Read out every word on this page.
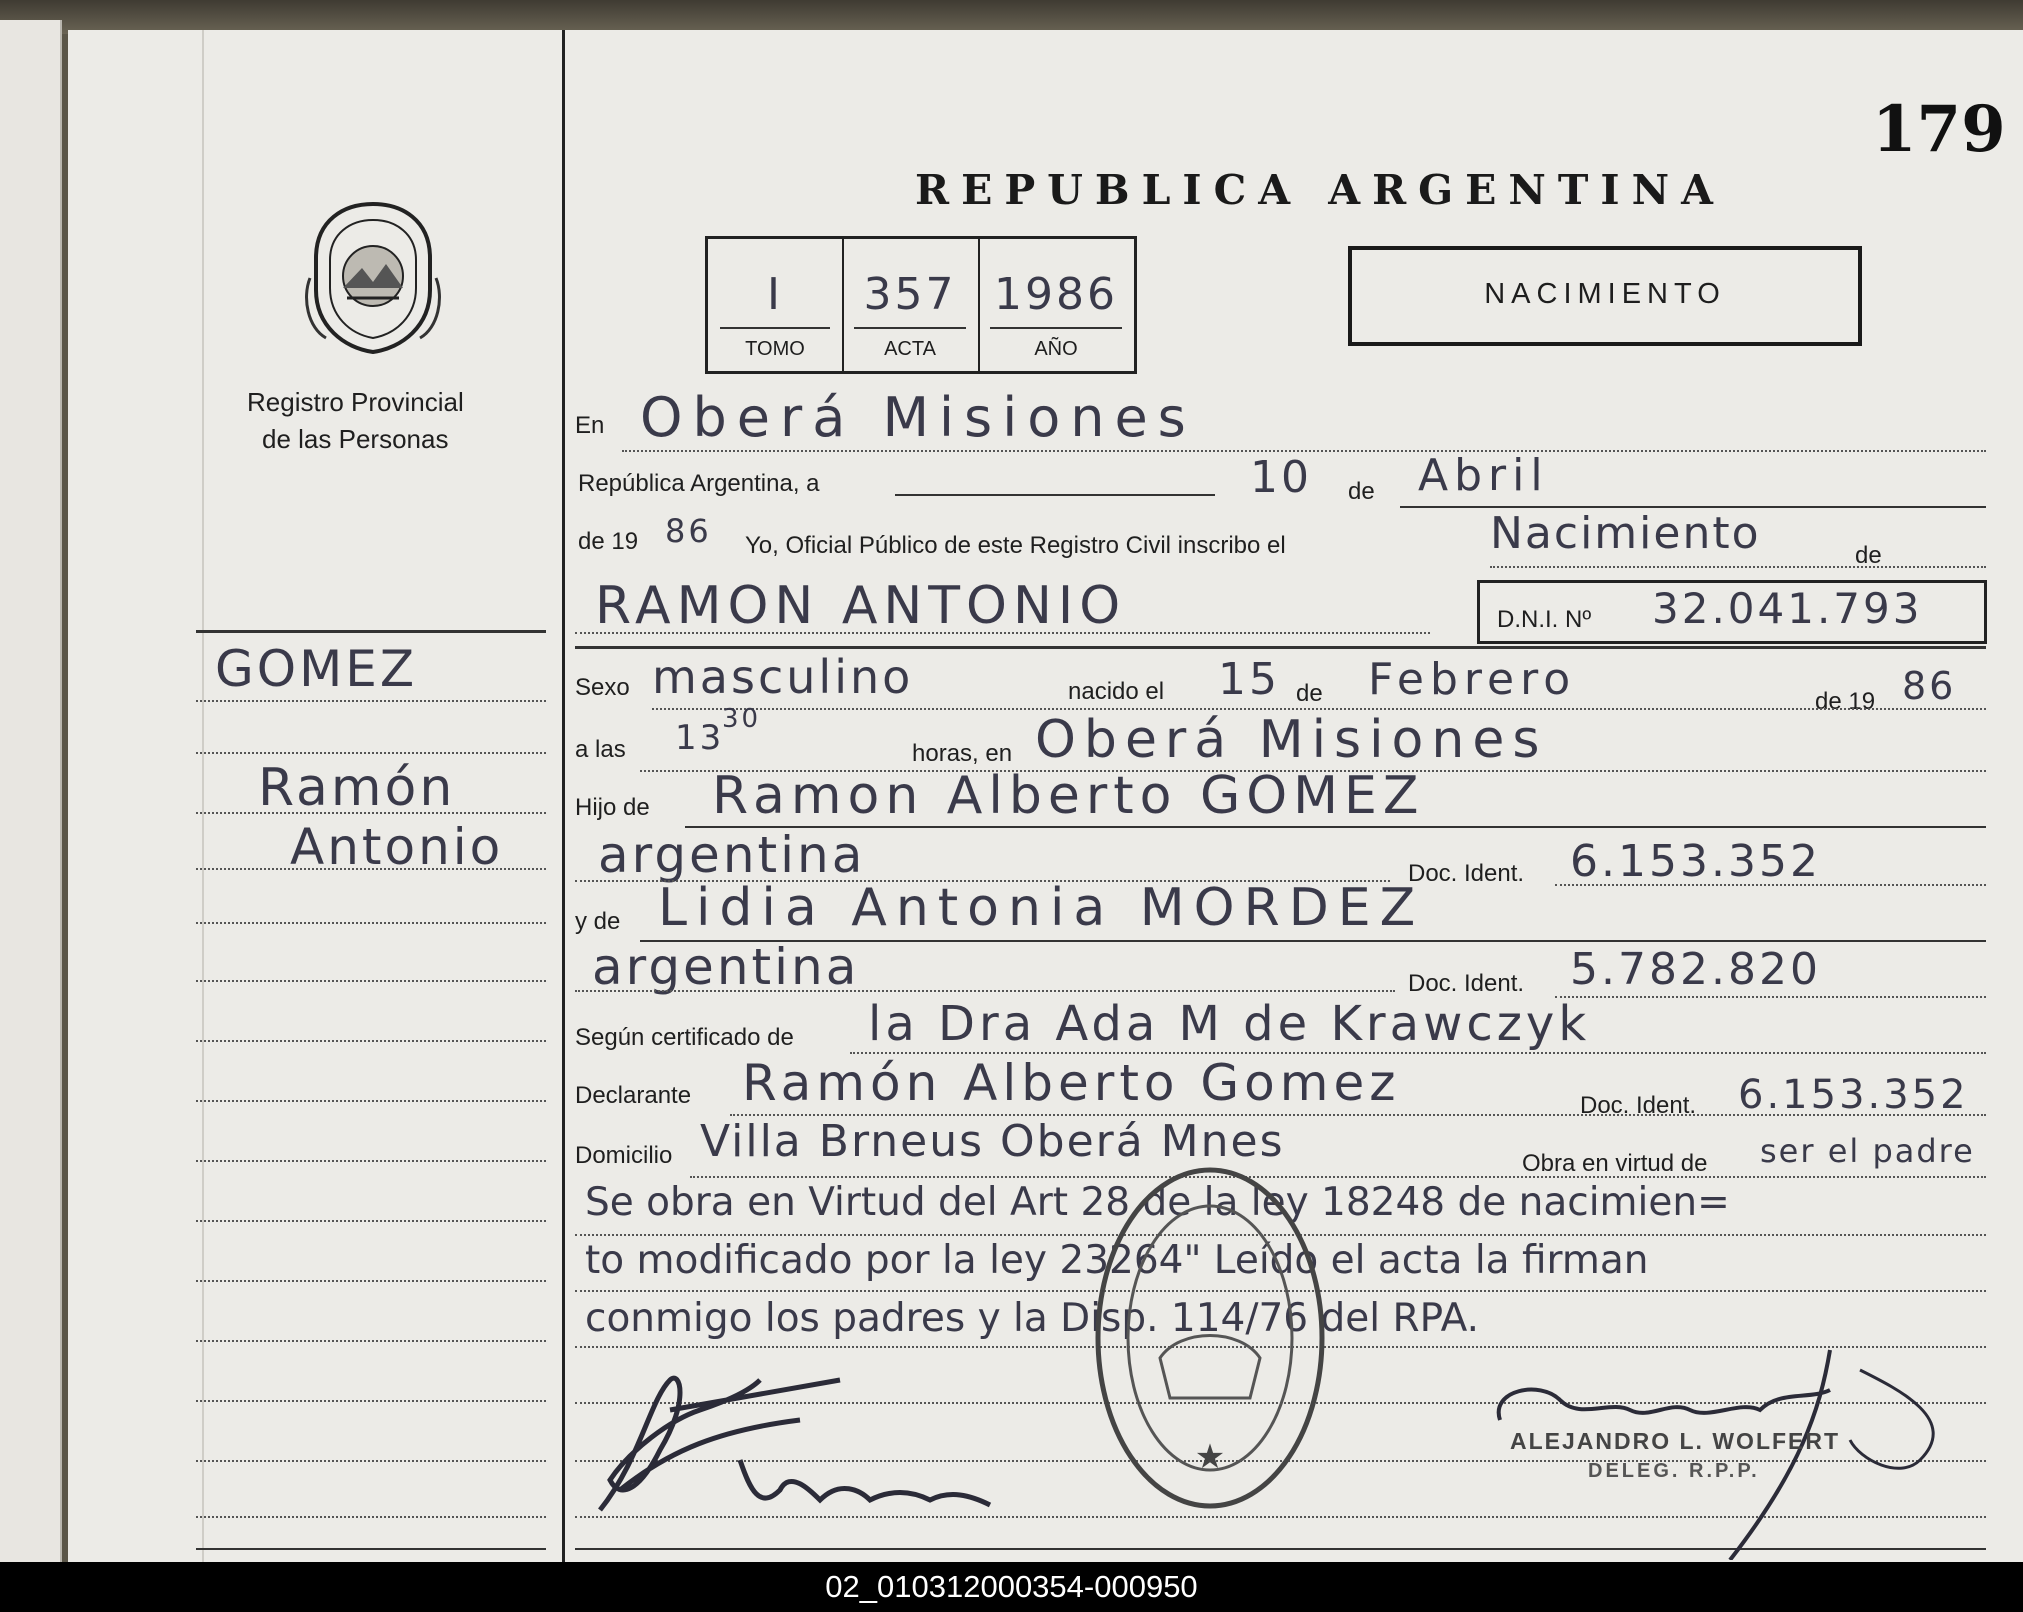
Registro Provincial
de las Personas
GOMEZ
Ramón
Antonio
179
REPUBLICA ARGENTINA
I
TOMO
357
ACTA
1986
AÑO
NACIMIENTO
En Oberá Misiones
República Argentina, a	10 de Abril
de 19 86 Yo, Oficial Público de este Registro Civil inscribo el	Nacimiento	de
RAMON ANTONIO	D.N.I. Nº 32.041.793
Sexo masculino	nacido el 15 de Febrero	de 19 86
a las 13
30
horas, en Oberá Misiones
Hijo de Ramon Alberto GOMEZ
argentina	Doc. Ident. 6.153.352
y de Lidia Antonia MORDEZ
argentina	Doc. Ident. 5.782.820
Según certificado de la Dra Ada M de Krawczyk
Declarante Ramón Alberto Gomez	Doc. Ident. 6.153.352
Domicilio Villa Brneus Oberá Mnes	Obra en virtud de ser el padre
Se obra en Virtud del Art 28 de la ley 18248 de nacimien=
to modificado por la ley 23264" Leído el acta la firman
conmigo los padres y la Disp. 114/76 del RPA.
★	ALEJANDRO L. WOLFERT
DELEG. R.P.P.
02_010312000354-000950
